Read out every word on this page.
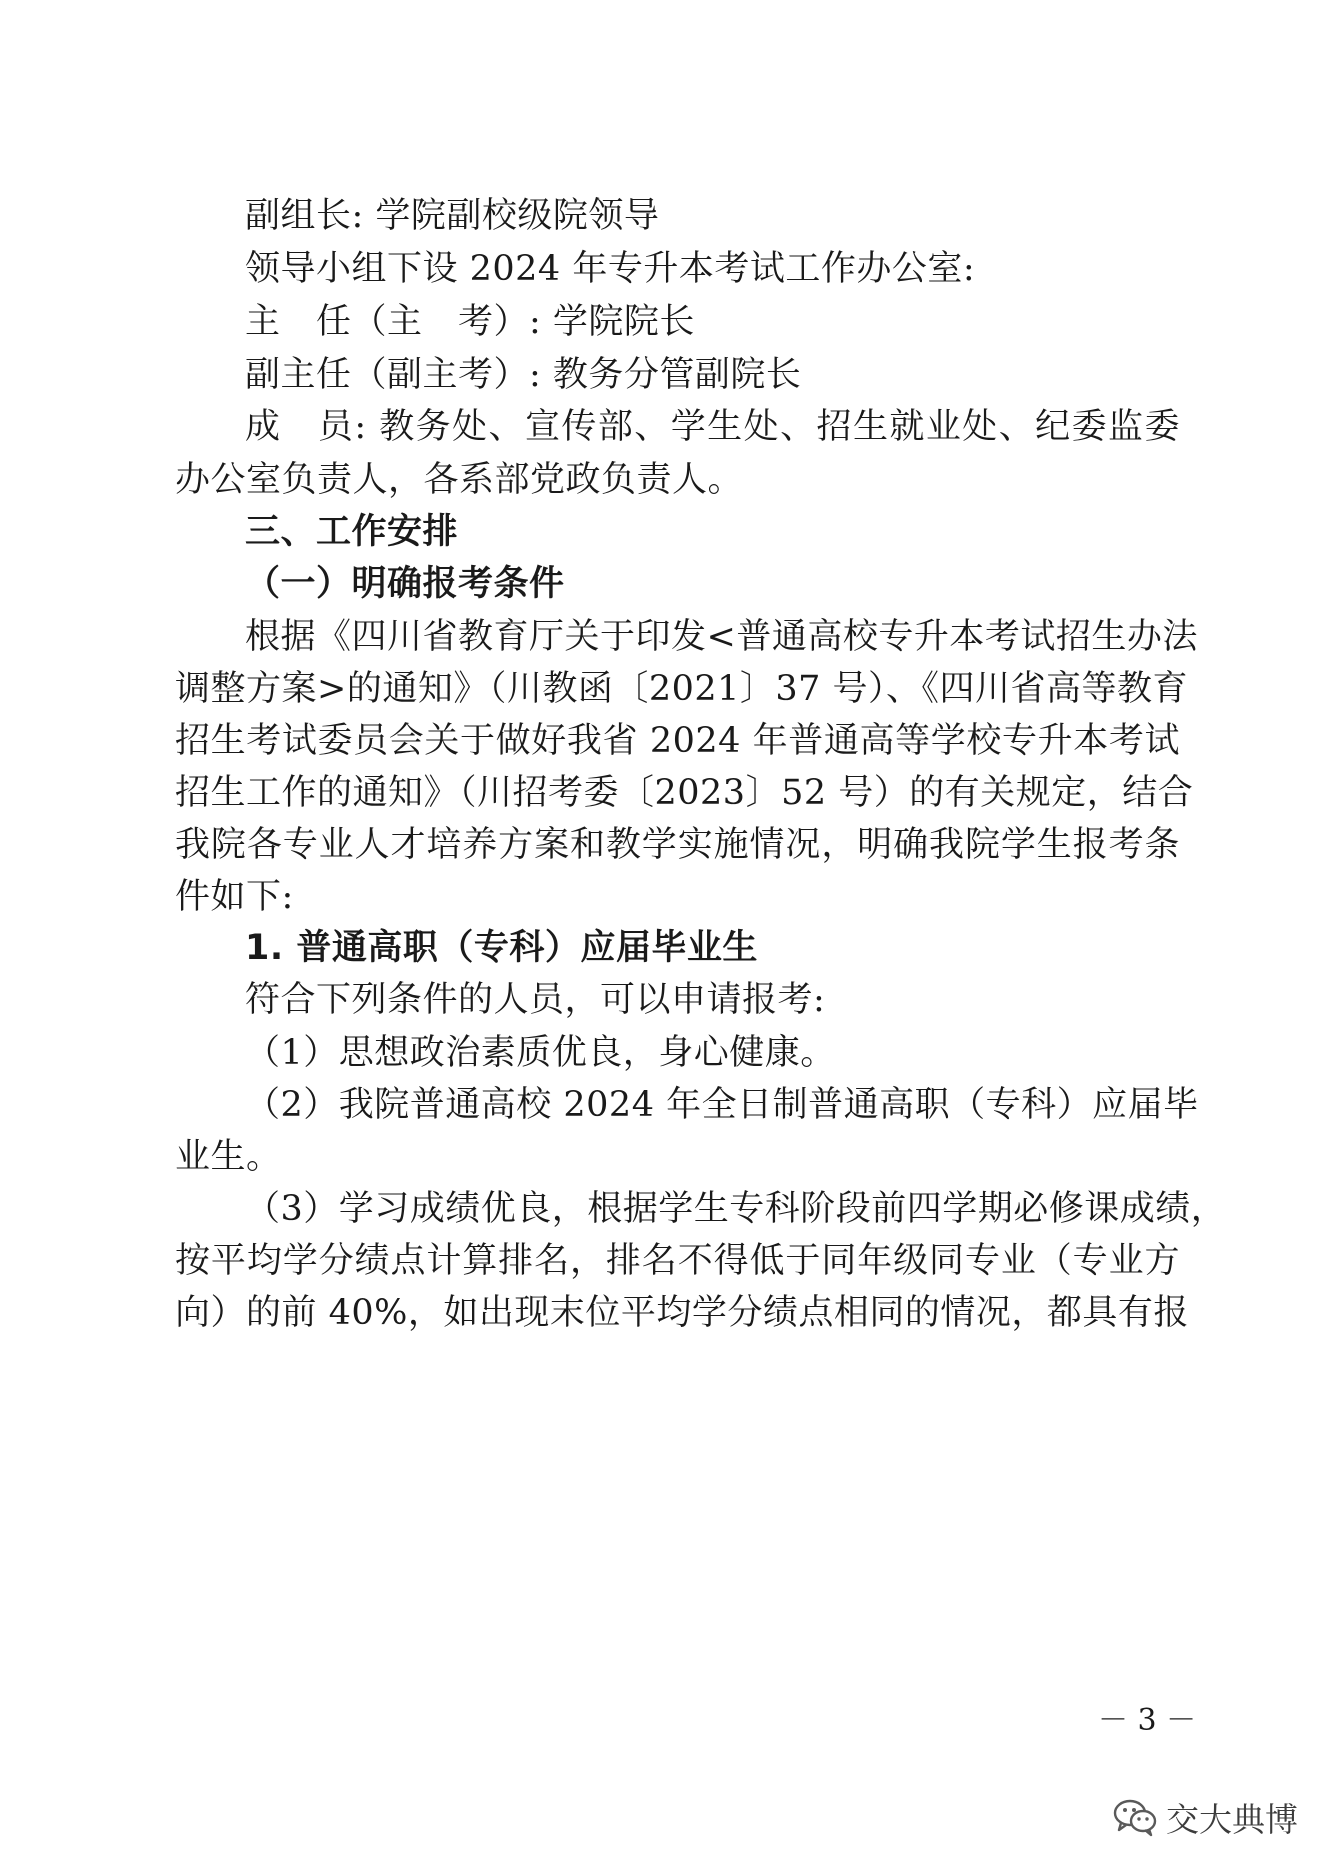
副组长: 学院副校级院领导
领导小组下设 2024 年专升本考试工作办公室:
主　任（主　考）: 学院院长
副主任（副主考）: 教务分管副院长
成　员: 教务处、宣传部、学生处、招生就业处、纪委监委
办公室负责人，各系部党政负责人。
三、工作安排
（一）明确报考条件
根据《四川省教育厅关于印发<普通高校专升本考试招生办法
调整方案>的通知》（川教函〔2021〕37 号）、《四川省高等教育
招生考试委员会关于做好我省 2024 年普通高等学校专升本考试
招生工作的通知》（川招考委〔2023〕52 号）的有关规定，结合
我院各专业人才培养方案和教学实施情况，明确我院学生报考条
件如下:
1. 普通高职（专科）应届毕业生
符合下列条件的人员，可以申请报考:
（1）思想政治素质优良，身心健康。
（2）我院普通高校 2024 年全日制普通高职（专科）应届毕
业生。
（3）学习成绩优良，根据学生专科阶段前四学期必修课成绩，
按平均学分绩点计算排名，排名不得低于同年级同专业（专业方
向）的前 40%，如出现末位平均学分绩点相同的情况，都具有报
－ 3 －
交大典博
